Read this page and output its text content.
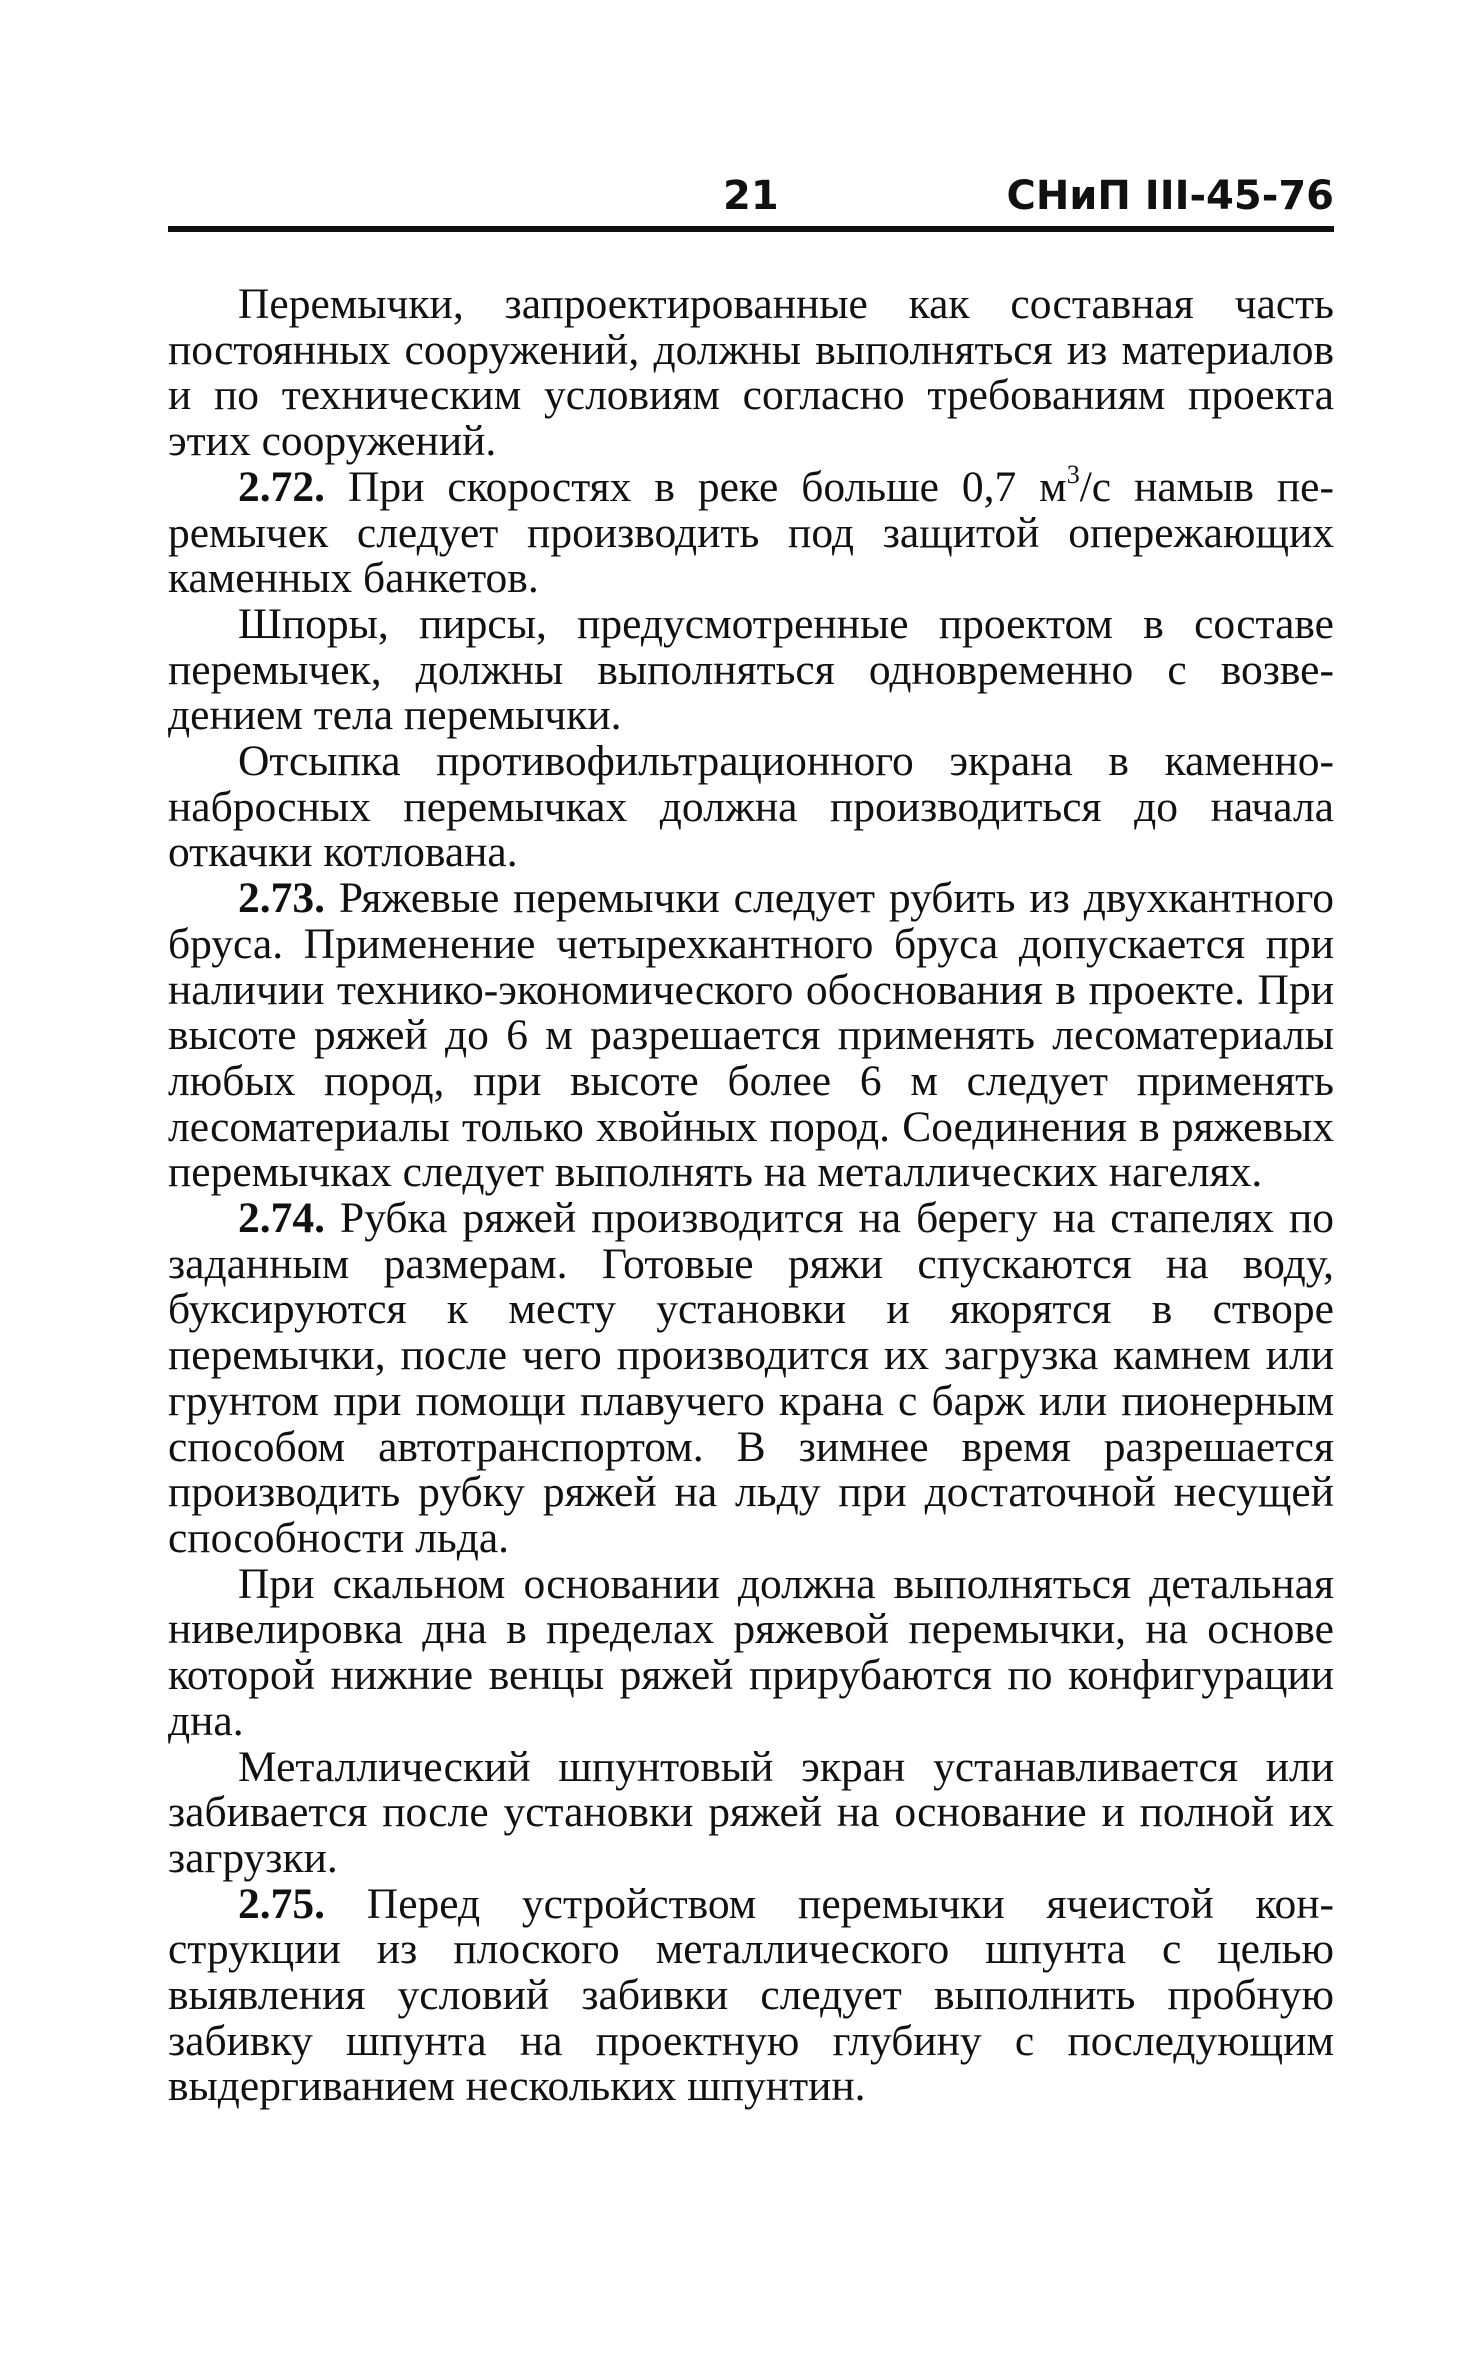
21	СНиП III-45-76

Перемычки, запроектированные как составная часть постоянных сооружений, должны выполняться из материалов и по техническим условиям согласно требованиям проекта этих сооружений.

2.72. При скоростях в реке больше 0,7 $м^3/с$ намыв перемычек следует производить под защитой опережающих каменных банкетов.

Шпоры, пирсы, предусмотренные проектом в составе перемычек, должны выполняться одновременно с возведением тела перемычки.

Отсыпка противофильтрационного экрана в каменнонабросных перемычках должна производиться до начала откачки котлована.

2.73. Ряжевые перемычки следует рубить из двухкантного бруса. Применение четырехкантного бруса допускается при наличии технико-экономического обоснования в проекте. При высоте ряжей до 6 м разрешается применять лесоматериалы любых пород, при высоте более 6 м следует применять лесоматериалы только хвойных пород. Соединения в ряжевых перемычках следует выполнять на металлических нагелях.

2.74. Рубка ряжей производится на берегу на стапелях по заданным размерам. Готовые ряжи спускаются на воду, буксируются к месту установки и якорятся в створе перемычки, после чего производится их загрузка камнем или грунтом при помощи плавучего крана с барж или пионерным способом автотранспортом. В зимнее время разрешается производить рубку ряжей на льду при достаточной несущей способности льда.

При скальном основании должна выполняться детальная нивелировка дна в пределах ряжевой перемычки, на основе которой нижние венцы ряжей прирубаются по конфигурации дна.

Металлический шпунтовый экран устанавливается или забивается после установки ряжей на основание и полной их загрузки.

2.75. Перед устройством перемычки ячеистой конструкции из плоского металлического шпунта с целью выявления условий забивки следует выполнить пробную забивку шпунта на проектную глубину с последующим выдергиванием нескольких шпунтин.
